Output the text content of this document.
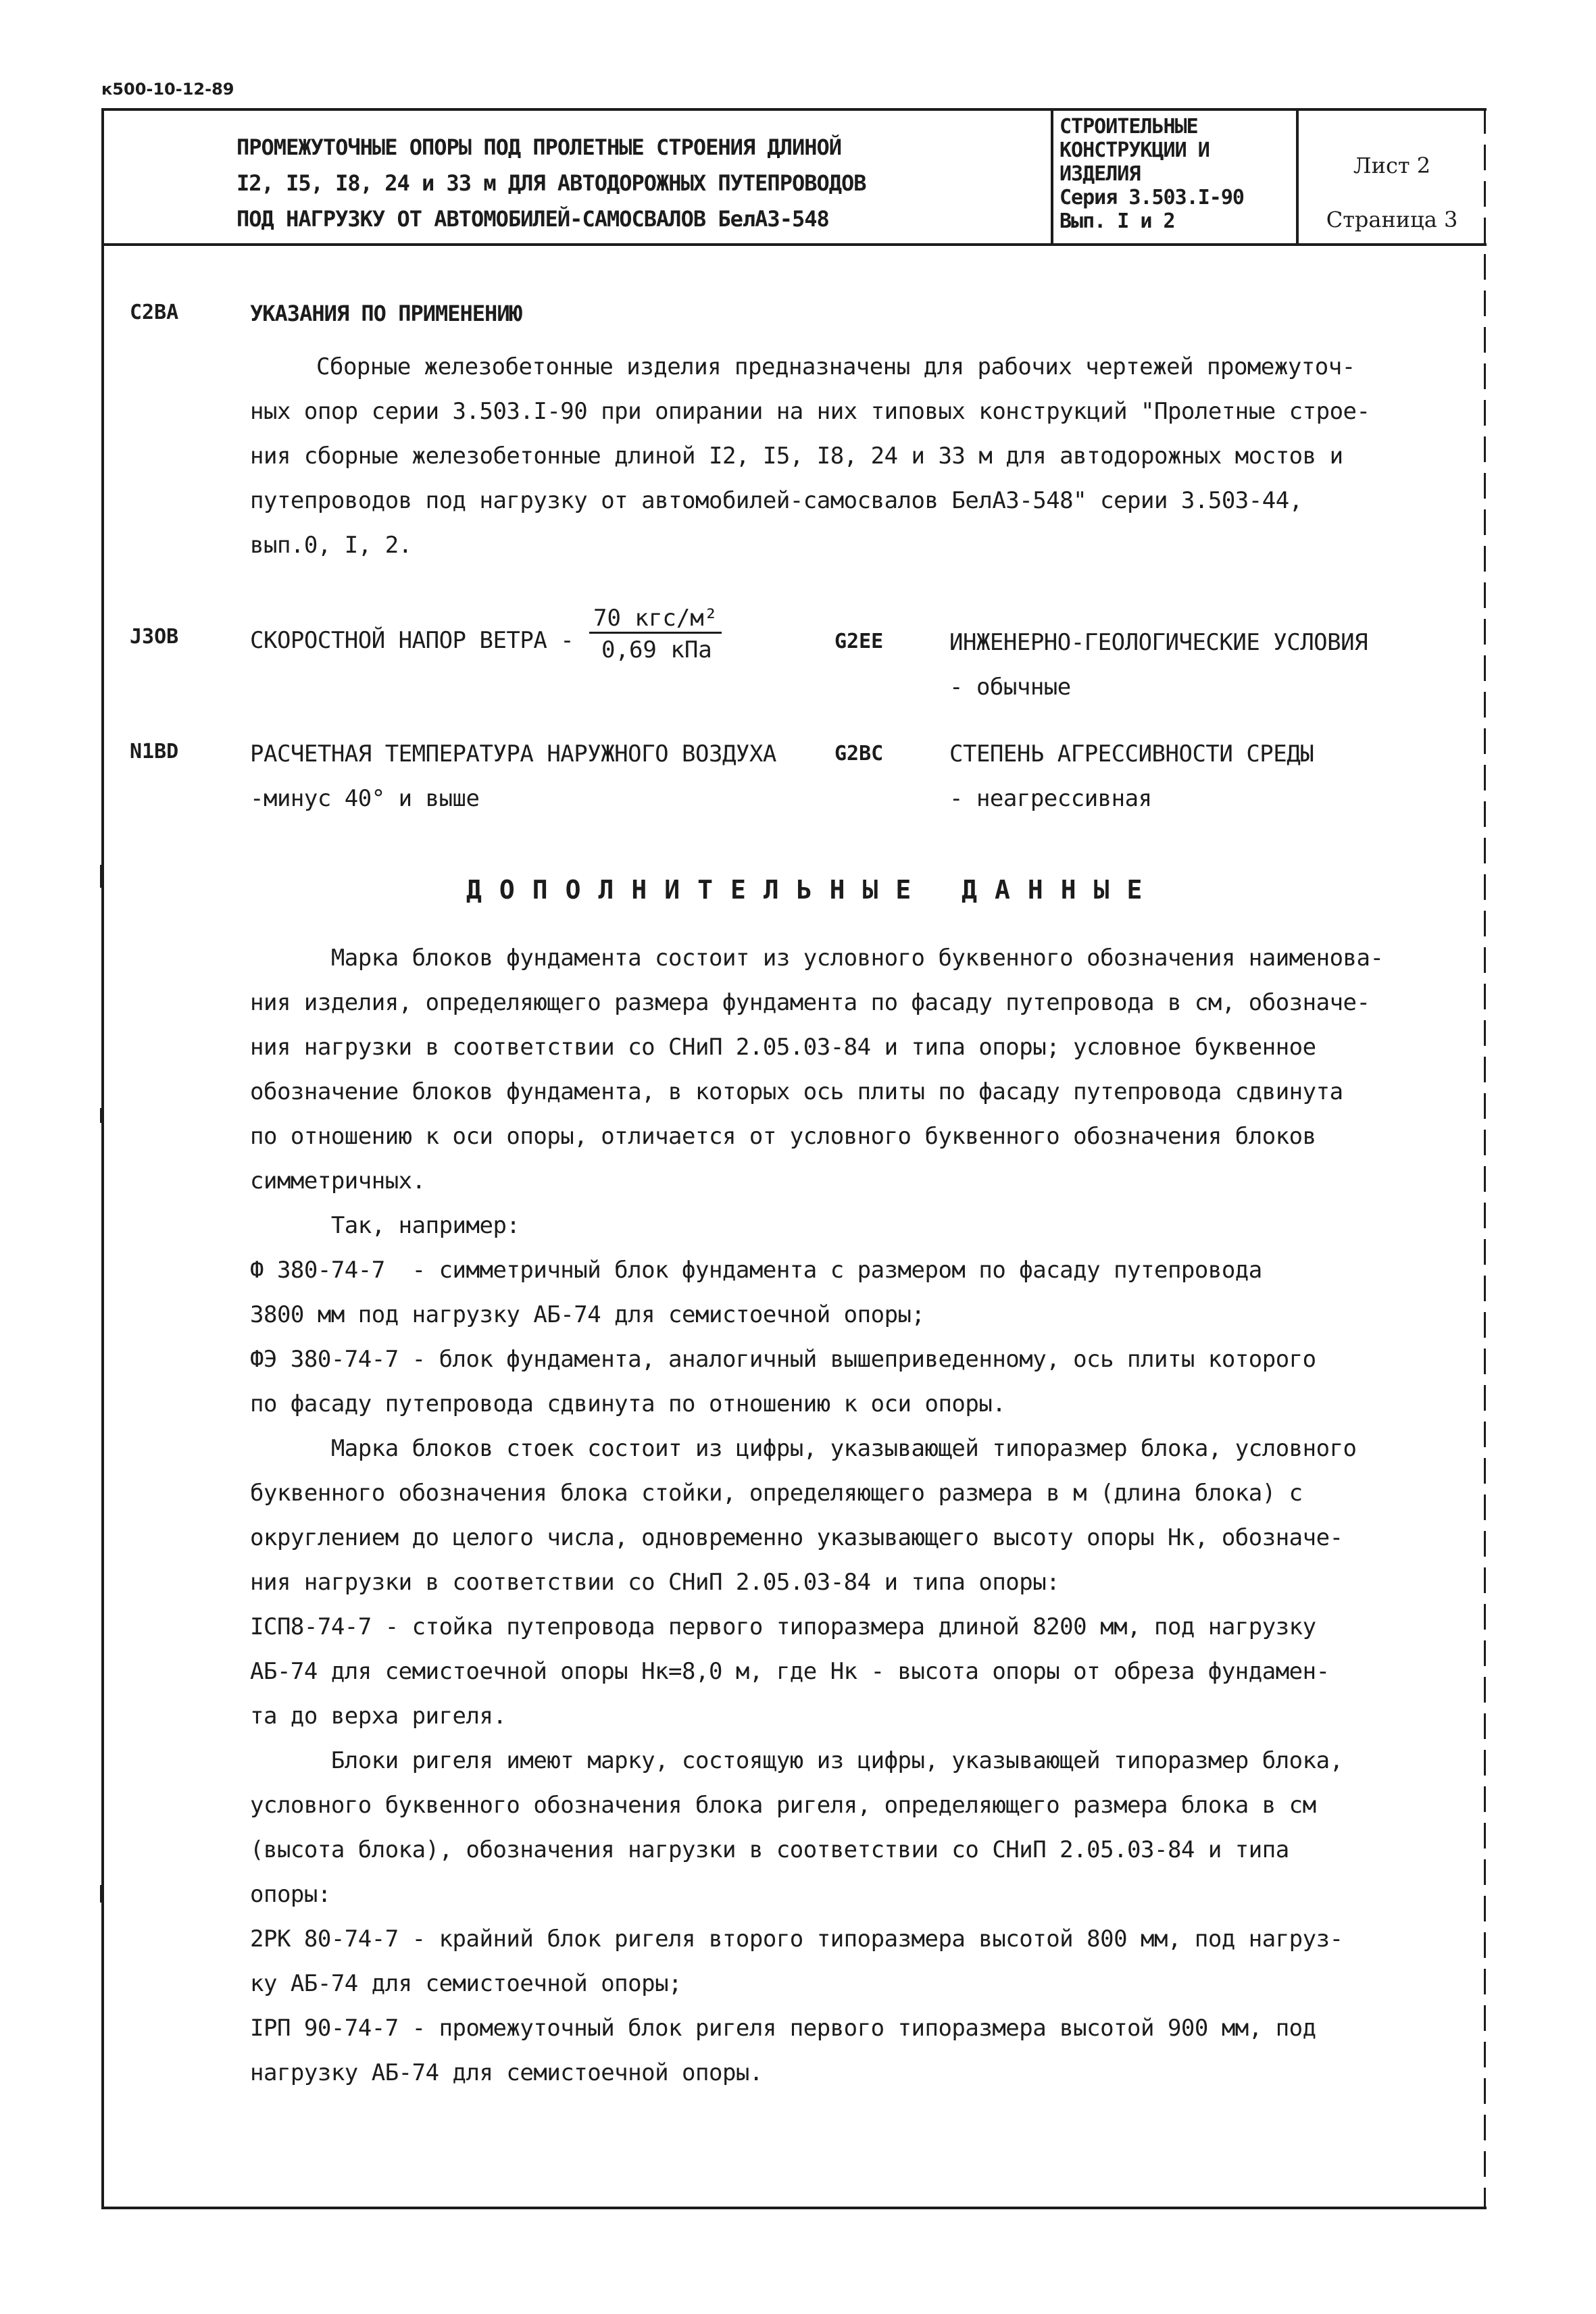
к500-10-12-89
ПРОМЕЖУТОЧНЫЕ ОПОРЫ ПОД ПРОЛЕТНЫЕ СТРОЕНИЯ ДЛИНОЙ
I2, I5, I8, 24 и 33 м ДЛЯ АВТОДОРОЖНЫХ ПУТЕПРОВОДОВ
ПОД НАГРУЗКУ ОТ АВТОМОБИЛЕЙ-САМОСВАЛОВ БелАЗ-548
СТРОИТЕЛЬНЫЕ
КОНСТРУКЦИИ И
ИЗДЕЛИЯ
Серия 3.503.I-90
Вып. I и 2
Лист 2
Страница 3
C2BA	УКАЗАНИЯ ПО ПРИМЕНЕНИЮ
Сборные железобетонные изделия предназначены для рабочих чертежей промежуточ-
ных опор серии 3.503.I-90 при опирании на них типовых конструкций "Пролетные строе-
ния сборные железобетонные длиной I2, I5, I8, 24 и 33 м для автодорожных мостов и
путепроводов под нагрузку от автомобилей-самосвалов БелАЗ-548" серии 3.503-44,
вып.0, I, 2.
J3OB	СКОРОСТНОЙ НАПОР ВЕТРА -
70 кгс/м²
0,69 кПа	G2EE	ИНЖЕНЕРНО-ГЕОЛОГИЧЕСКИЕ УСЛОВИЯ
- обычные
N1BD	РАСЧЕТНАЯ ТЕМПЕРАТУРА НАРУЖНОГО ВОЗДУХА
-минус 40° и выше
G2BC	СТЕПЕНЬ АГРЕССИВНОСТИ СРЕДЫ
- неагрессивная
ДОПОЛНИТЕЛЬНЫЕ ДАННЫЕ
Марка блоков фундамента состоит из условного буквенного обозначения наименова-
ния изделия, определяющего размера фундамента по фасаду путепровода в см, обозначе-
ния нагрузки в соответствии со СНиП 2.05.03-84 и типа опоры; условное буквенное
обозначение блоков фундамента, в которых ось плиты по фасаду путепровода сдвинута
по отношению к оси опоры, отличается от условного буквенного обозначения блоков
симметричных.
Так, например:
Ф 380-74-7  - симметричный блок фундамента с размером по фасаду путепровода
3800 мм под нагрузку АБ-74 для семистоечной опоры;
ФЭ 380-74-7 - блок фундамента, аналогичный вышеприведенному, ось плиты которого
по фасаду путепровода сдвинута по отношению к оси опоры.
Марка блоков стоек состоит из цифры, указывающей типоразмер блока, условного
буквенного обозначения блока стойки, определяющего размера в м (длина блока) с
округлением до целого числа, одновременно указывающего высоту опоры Нк, обозначе-
ния нагрузки в соответствии со СНиП 2.05.03-84 и типа опоры:
IСП8-74-7 - стойка путепровода первого типоразмера длиной 8200 мм, под нагрузку
АБ-74 для семистоечной опоры Нк=8,0 м, где Нк - высота опоры от обреза фундамен-
та до верха ригеля.
Блоки ригеля имеют марку, состоящую из цифры, указывающей типоразмер блока,
условного буквенного обозначения блока ригеля, определяющего размера блока в см
(высота блока), обозначения нагрузки в соответствии со СНиП 2.05.03-84 и типа
опоры:
2РК 80-74-7 - крайний блок ригеля второго типоразмера высотой 800 мм, под нагруз-
ку АБ-74 для семистоечной опоры;
IРП 90-74-7 - промежуточный блок ригеля первого типоразмера высотой 900 мм, под
нагрузку АБ-74 для семистоечной опоры.
